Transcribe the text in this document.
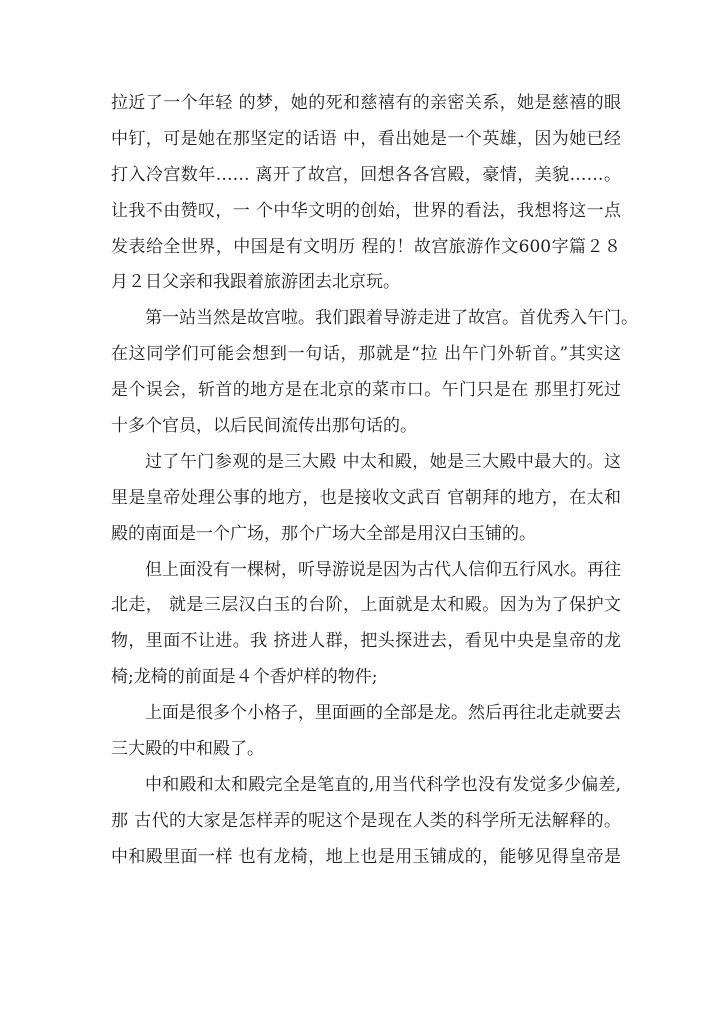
拉近了一个年轻 的梦，她的死和慈禧有的亲密关系，她是慈禧的眼
中钉，可是她在那坚定的话语 中，看出她是一个英雄，因为她已经
打入冷宫数年…… 离开了故宫，回想各各宫殿，豪情，美貌……。
让我不由赞叹，一 个中华文明的创始，世界的看法，我想将这一点
发表给全世界，中国是有文明历 程的！故宫旅游作文600字篇２８
月２日父亲和我跟着旅游团去北京玩。
第一站当然是故宫啦。我们跟着导游走进了故宫。首优秀入午门。
在这同学们可能会想到一句话，那就是“拉 出午门外斩首。”其实这
是个误会，斩首的地方是在北京的菜市口。午门只是在 那里打死过
十多个官员，以后民间流传出那句话的。
过了午门参观的是三大殿 中太和殿，她是三大殿中最大的。这
里是皇帝处理公事的地方，也是接收文武百 官朝拜的地方，在太和
殿的南面是一个广场，那个广场大全部是用汉白玉铺的。
但上面没有一棵树，听导游说是因为古代人信仰五行风水。再往
北走， 就是三层汉白玉的台阶，上面就是太和殿。因为为了保护文
物，里面不让进。我 挤进人群，把头探进去，看见中央是皇帝的龙
椅;龙椅的前面是４个香炉样的物件;
上面是很多个小格子，里面画的全部是龙。然后再往北走就要去
三大殿的中和殿了。
中和殿和太和殿完全是笔直的,用当代科学也没有发觉多少偏差,
那 古代的大家是怎样弄的呢这个是现在人类的科学所无法解释的。
中和殿里面一样 也有龙椅，地上也是用玉铺成的，能够见得皇帝是
